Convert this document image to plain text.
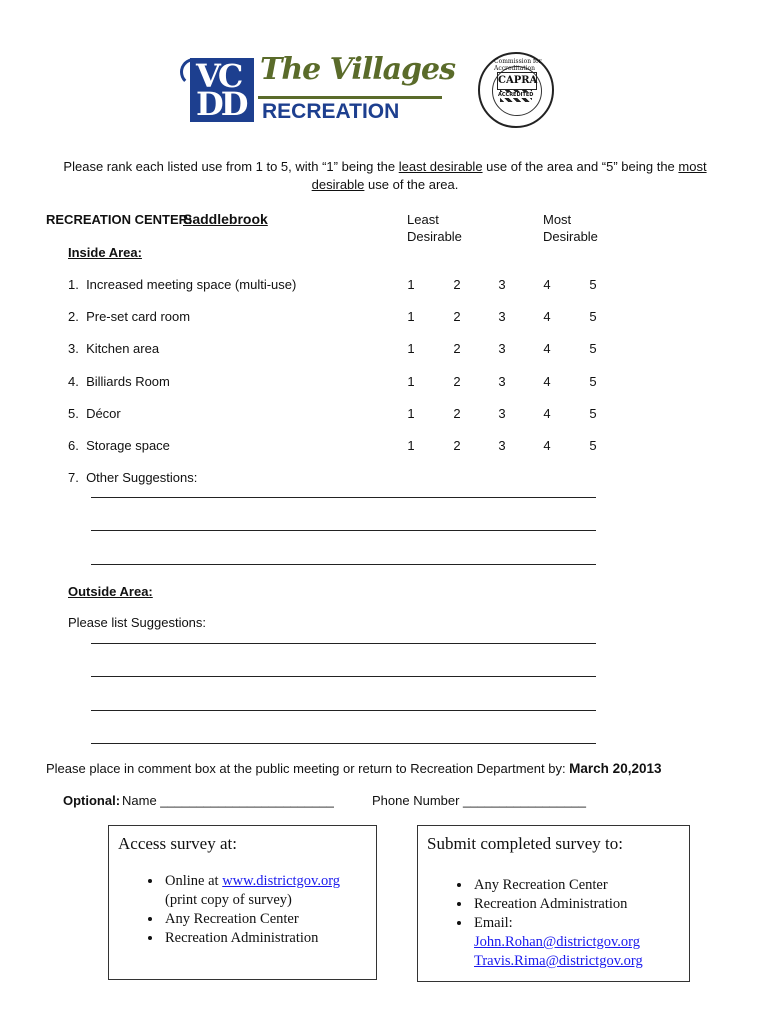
VC
DD
The Villages
RECREATION
Commission for Accreditation
CAPRA
ACCREDITED
Please rank each listed use from 1 to 5, with “1” being the least desirable use of the area and “5” being the most desirable use of the area.
RECREATION CENTER:
Saddlebrook	Least
Desirable
Most
Desirable
Inside Area:
1.  Increased meeting space (multi-use)	1	2	3	4	5
2.  Pre-set card room	1	2	3	4	5
3.  Kitchen area	1	2	3	4	5
4.  Billiards Room	1	2	3	4	5
5.  Décor	1	2	3	4	5
6.  Storage space	1	2	3	4	5
7.  Other Suggestions:
Outside Area:
Please list Suggestions:
Please place in comment box at the public meeting or return to Recreation Department by: March 20,2013
Optional: Name ________________________	Phone Number _________________
Access survey at:
• Online at www.districtgov.org
(print copy of survey)
• Any Recreation Center
• Recreation Administration
Submit completed survey to:
• Any Recreation Center
• Recreation Administration
• Email:
John.Rohan@districtgov.org
Travis.Rima@districtgov.org
